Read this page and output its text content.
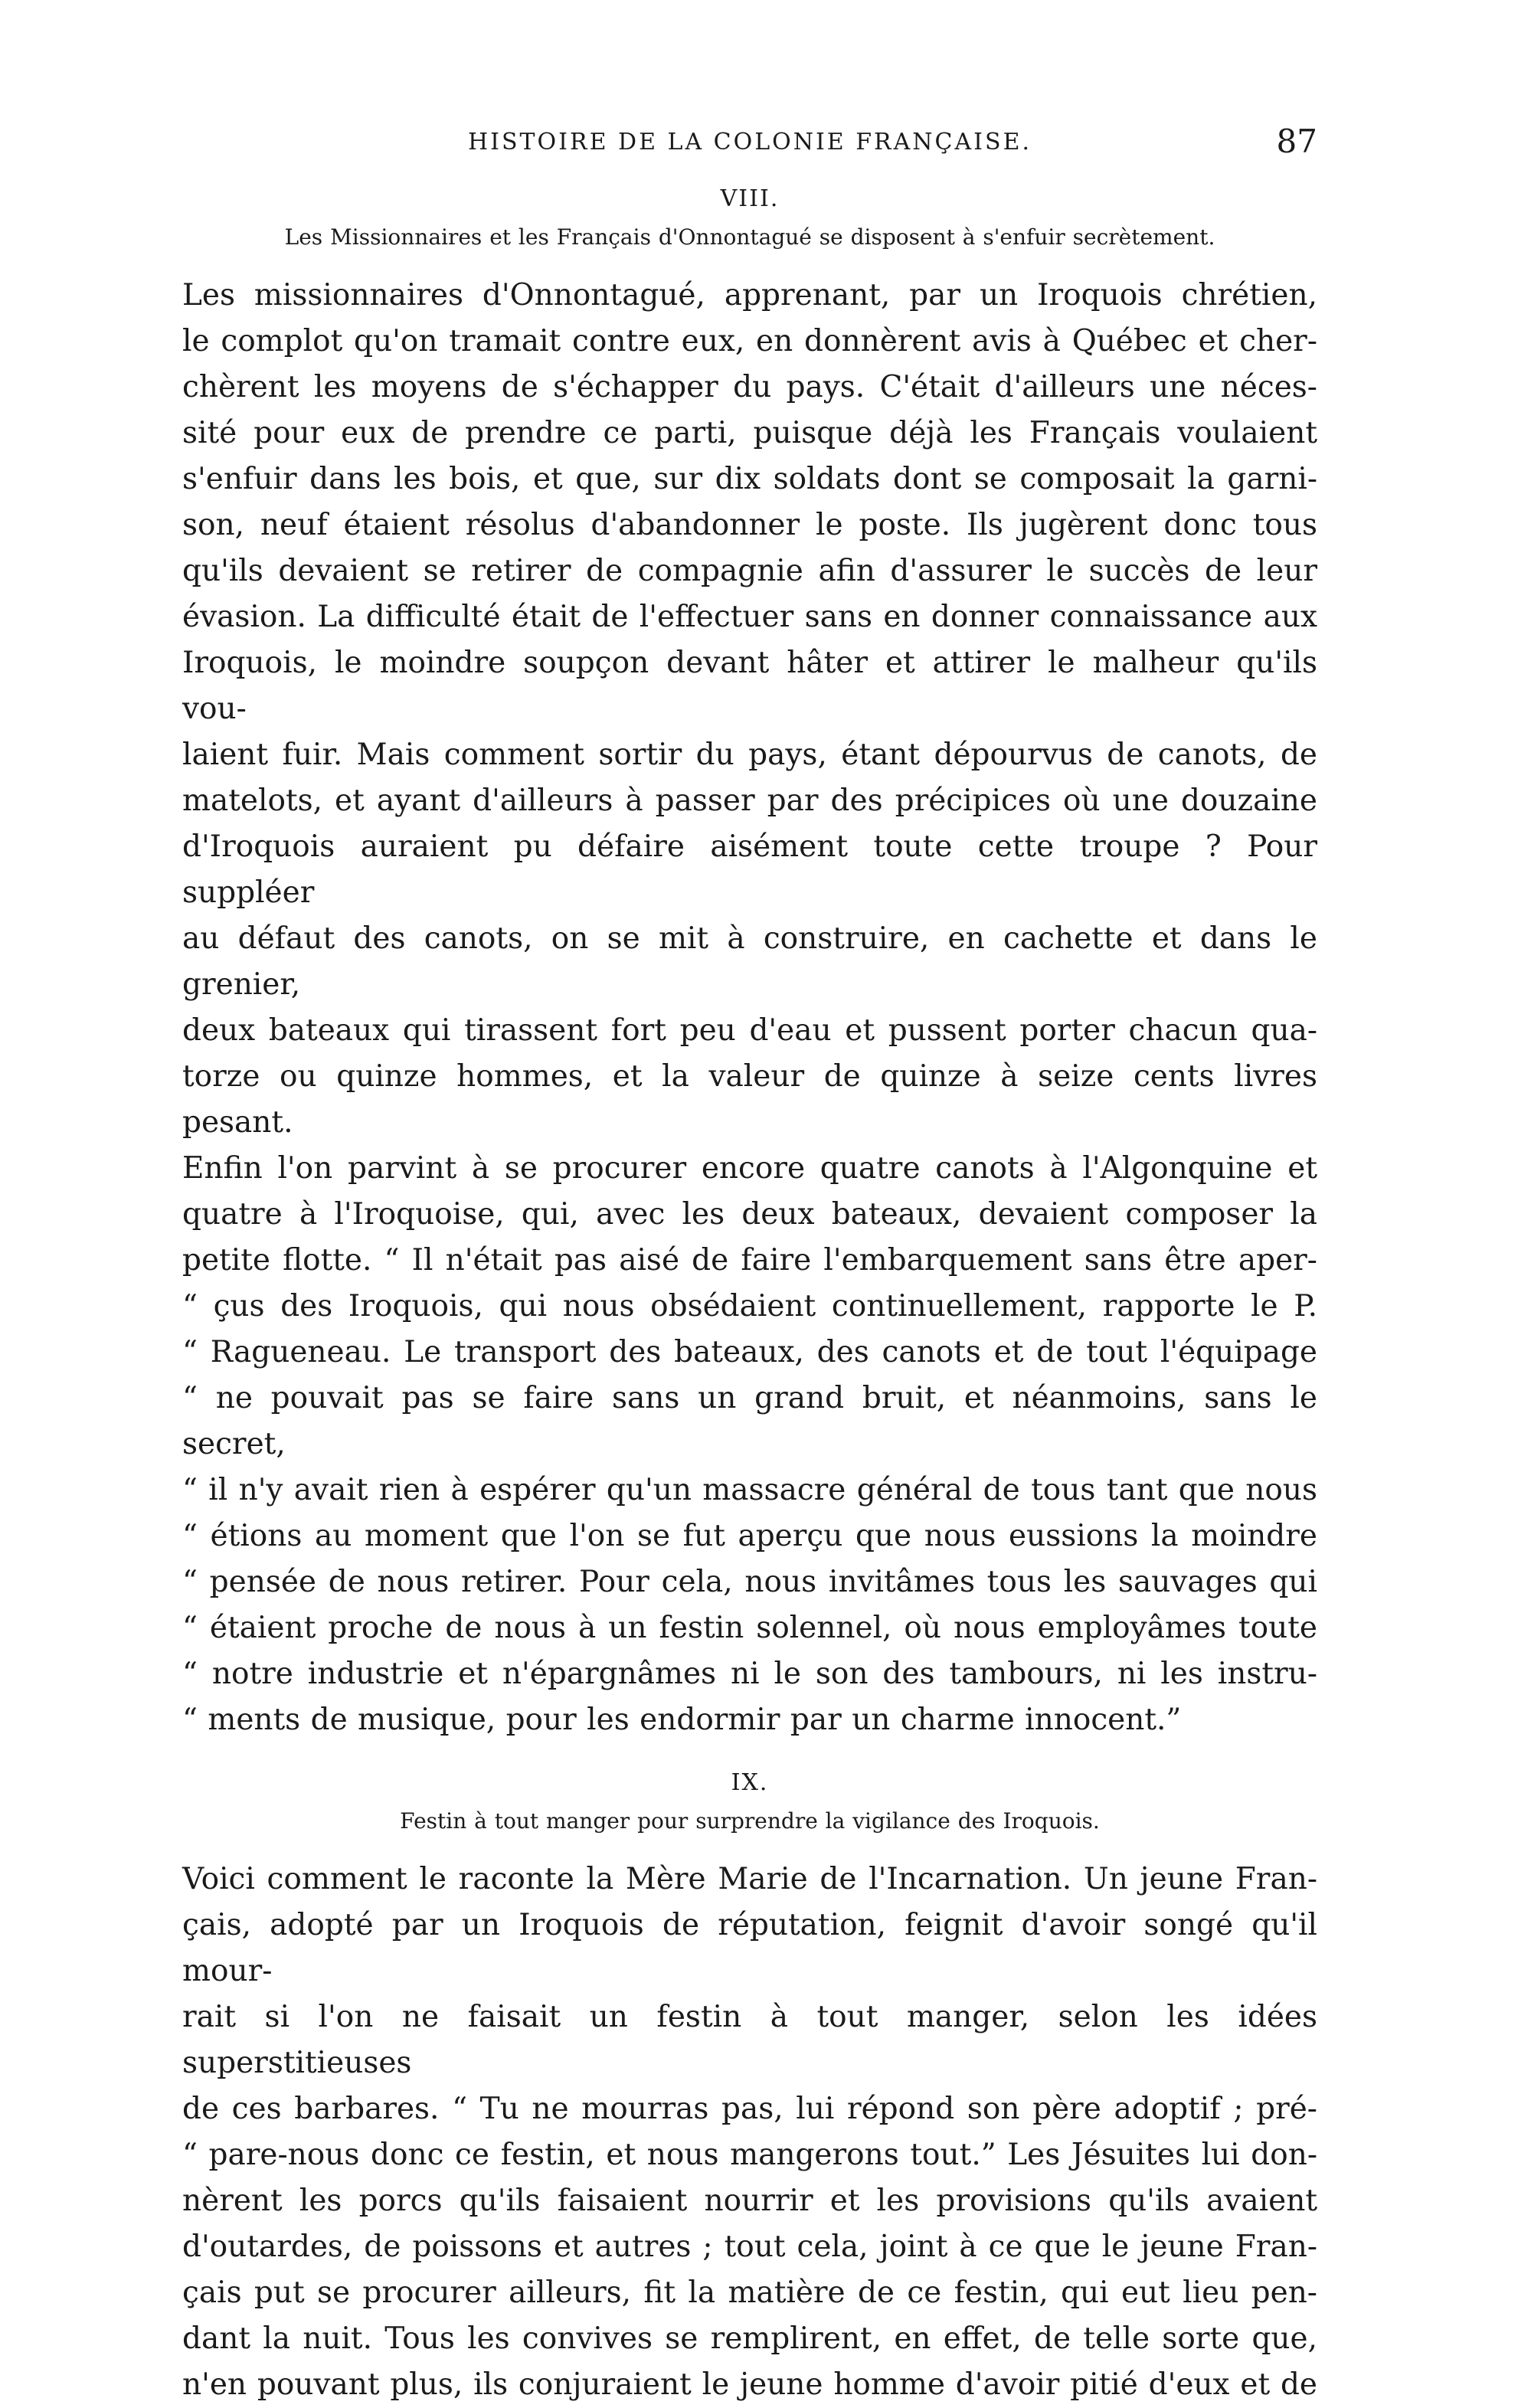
HISTOIRE DE LA COLONIE FRANÇAISE.	87
VIII.
Les Missionnaires et les Français d'Onnontagué se disposent à s'enfuir secrètement.

Les missionnaires d'Onnontagué, apprenant, par un Iroquois chrétien,

le complot qu'on tramait contre eux, en donnèrent avis à Québec et cher-

chèrent les moyens de s'échapper du pays. C'était d'ailleurs une néces-

sité pour eux de prendre ce parti, puisque déjà les Français voulaient

s'enfuir dans les bois, et que, sur dix soldats dont se composait la garni-

son, neuf étaient résolus d'abandonner le poste. Ils jugèrent donc tous

qu'ils devaient se retirer de compagnie afin d'assurer le succès de leur

évasion. La difficulté était de l'effectuer sans en donner connaissance aux

Iroquois, le moindre soupçon devant hâter et attirer le malheur qu'ils vou-

laient fuir. Mais comment sortir du pays, étant dépourvus de canots, de

matelots, et ayant d'ailleurs à passer par des précipices où une douzaine

d'Iroquois auraient pu défaire aisément toute cette troupe ? Pour suppléer

au défaut des canots, on se mit à construire, en cachette et dans le grenier,

deux bateaux qui tirassent fort peu d'eau et pussent porter chacun qua-

torze ou quinze hommes, et la valeur de quinze à seize cents livres pesant.

Enfin l'on parvint à se procurer encore quatre canots à l'Algonquine et

quatre à l'Iroquoise, qui, avec les deux bateaux, devaient composer la

petite flotte. “ Il n'était pas aisé de faire l'embarquement sans être aper-

“ çus des Iroquois, qui nous obsédaient continuellement, rapporte le P.

“ Ragueneau. Le transport des bateaux, des canots et de tout l'équipage

“ ne pouvait pas se faire sans un grand bruit, et néanmoins, sans le secret,

“ il n'y avait rien à espérer qu'un massacre général de tous tant que nous

“ étions au moment que l'on se fut aperçu que nous eussions la moindre

“ pensée de nous retirer. Pour cela, nous invitâmes tous les sauvages qui

“ étaient proche de nous à un festin solennel, où nous employâmes toute

“ notre industrie et n'épargnâmes ni le son des tambours, ni les instru-

“ ments de musique, pour les endormir par un charme innocent.”

IX.
Festin à tout manger pour surprendre la vigilance des Iroquois.

Voici comment le raconte la Mère Marie de l'Incarnation. Un jeune Fran-

çais, adopté par un Iroquois de réputation, feignit d'avoir songé qu'il mour-

rait si l'on ne faisait un festin à tout manger, selon les idées superstitieuses

de ces barbares. “ Tu ne mourras pas, lui répond son père adoptif ; pré-

“ pare-nous donc ce festin, et nous mangerons tout.” Les Jésuites lui don-

nèrent les porcs qu'ils faisaient nourrir et les provisions qu'ils avaient

d'outardes, de poissons et autres ; tout cela, joint à ce que le jeune Fran-

çais put se procurer ailleurs, fit la matière de ce festin, qui eut lieu pen-

dant la nuit. Tous les convives se remplirent, en effet, de telle sorte que,

n'en pouvant plus, ils conjuraient le jeune homme d'avoir pitié d'eux et de
